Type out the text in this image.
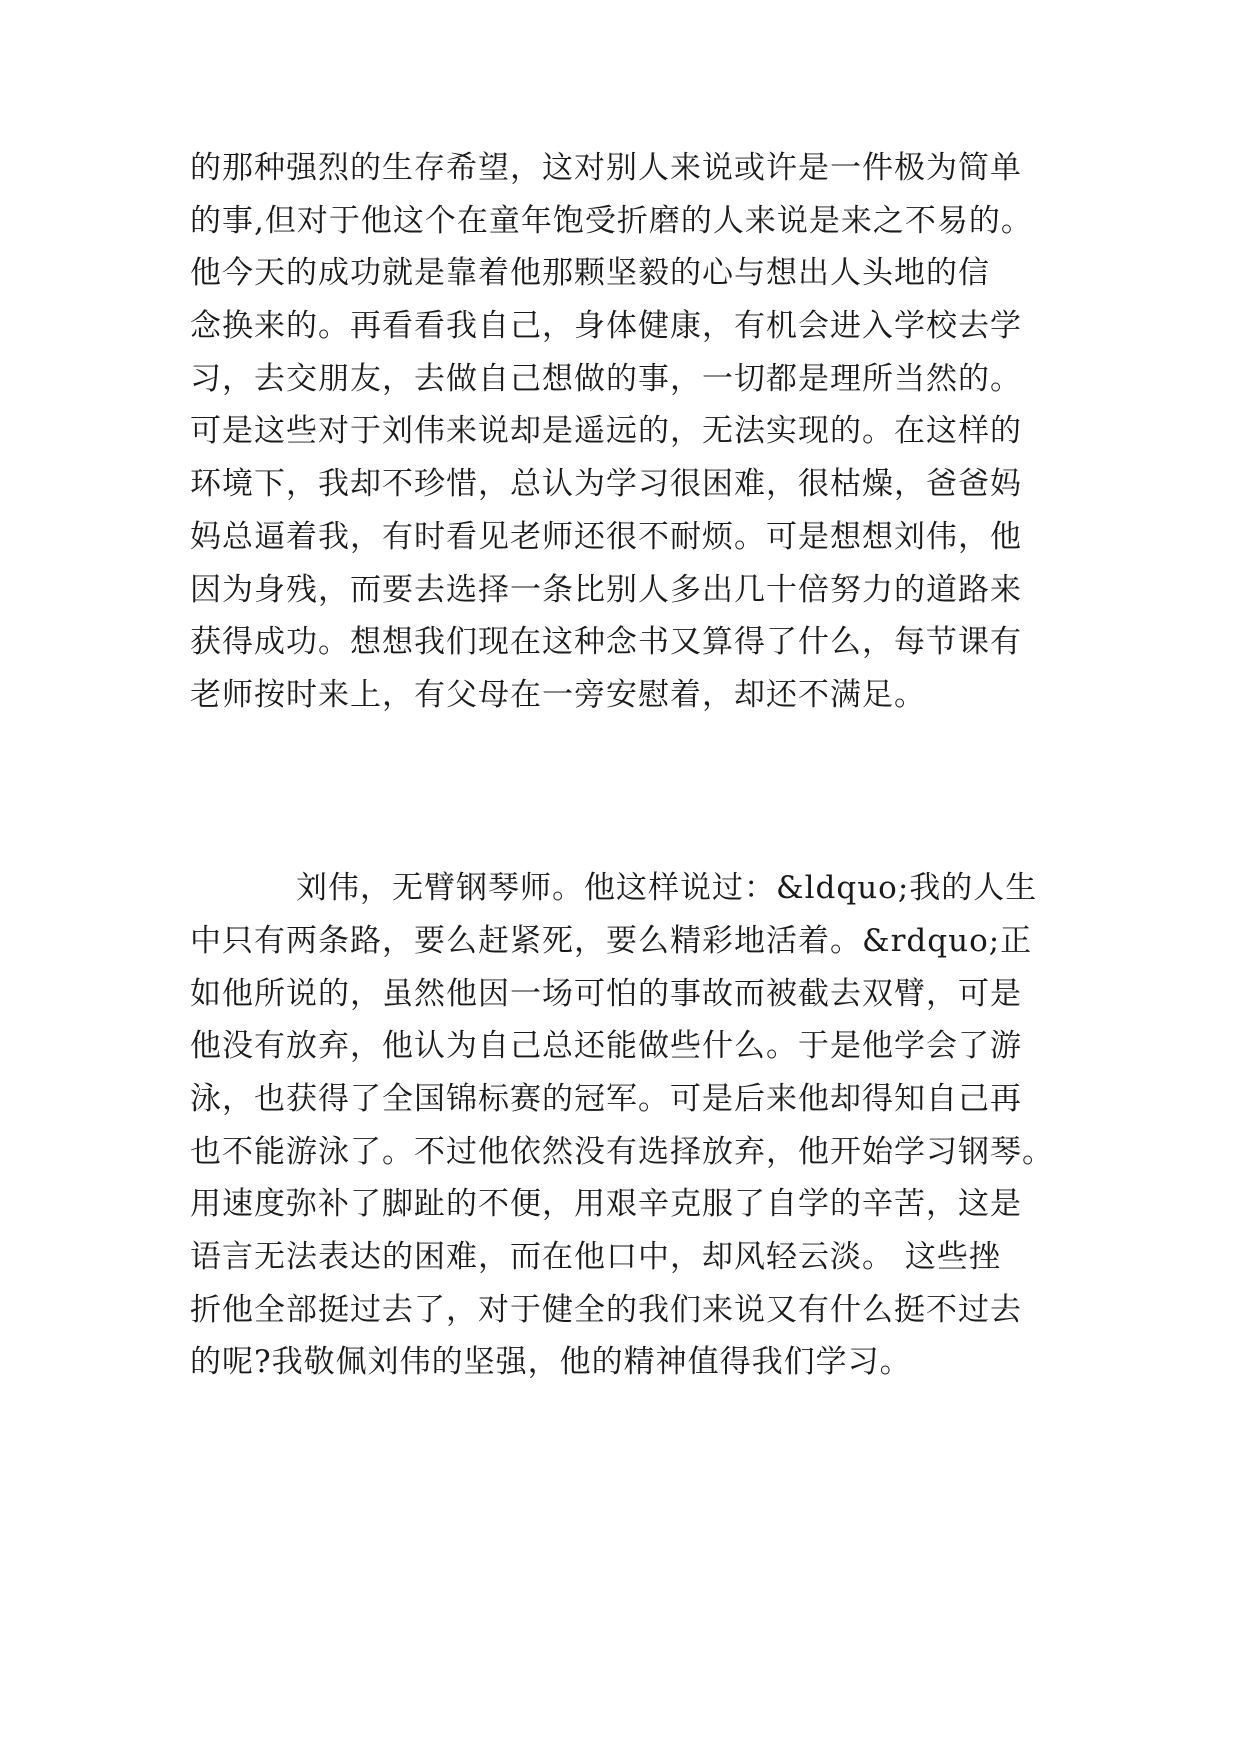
的那种强烈的生存希望，这对别人来说或许是一件极为简单

的事,但对于他这个在童年饱受折磨的人来说是来之不易的。

他今天的成功就是靠着他那颗坚毅的心与想出人头地的信

念换来的。再看看我自己，身体健康，有机会进入学校去学

习，去交朋友，去做自己想做的事，一切都是理所当然的。

可是这些对于刘伟来说却是遥远的，无法实现的。在这样的

环境下，我却不珍惜，总认为学习很困难，很枯燥，爸爸妈

妈总逼着我，有时看见老师还很不耐烦。可是想想刘伟，他

因为身残，而要去选择一条比别人多出几十倍努力的道路来

获得成功。想想我们现在这种念书又算得了什么，每节课有

老师按时来上，有父母在一旁安慰着，却还不满足。

刘伟，无臂钢琴师。他这样说过：&ldquo;我的人生

中只有两条路，要么赶紧死，要么精彩地活着。&rdquo;正

如他所说的，虽然他因一场可怕的事故而被截去双臂，可是

他没有放弃，他认为自己总还能做些什么。于是他学会了游

泳，也获得了全国锦标赛的冠军。可是后来他却得知自己再

也不能游泳了。不过他依然没有选择放弃，他开始学习钢琴。

用速度弥补了脚趾的不便，用艰辛克服了自学的辛苦，这是

语言无法表达的困难，而在他口中，却风轻云淡。 这些挫

折他全部挺过去了，对于健全的我们来说又有什么挺不过去

的呢?我敬佩刘伟的坚强，他的精神值得我们学习。
